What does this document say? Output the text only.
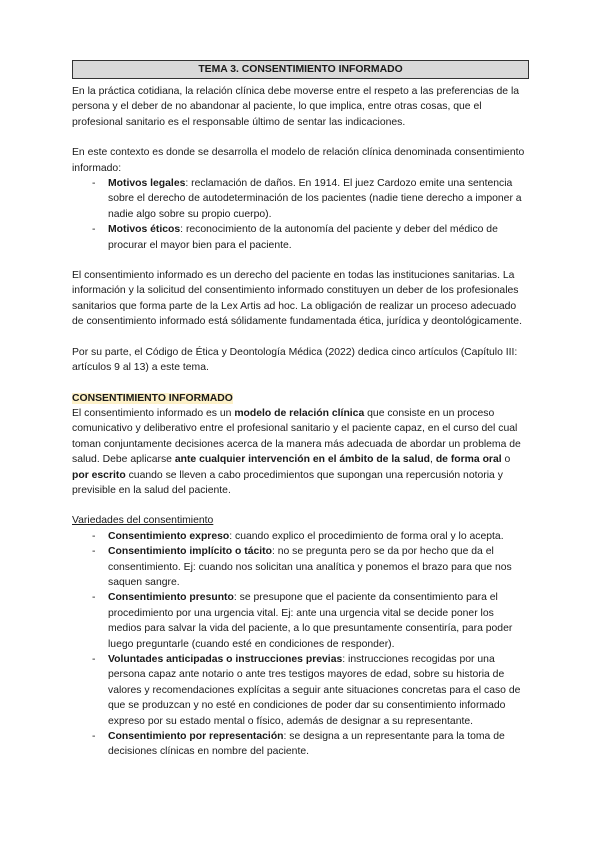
TEMA 3. CONSENTIMIENTO INFORMADO

En la práctica cotidiana, la relación clínica debe moverse entre el respeto a las preferencias de la persona y el deber de no abandonar al paciente, lo que implica, entre otras cosas, que el profesional sanitario es el responsable último de sentar las indicaciones.

En este contexto es donde se desarrolla el modelo de relación clínica denominada consentimiento informado:

- Motivos legales: reclamación de daños. En 1914. El juez Cardozo emite una sentencia sobre el derecho de autodeterminación de los pacientes (nadie tiene derecho a imponer a nadie algo sobre su propio cuerpo).
- Motivos éticos: reconocimiento de la autonomía del paciente y deber del médico de procurar el mayor bien para el paciente.

El consentimiento informado es un derecho del paciente en todas las instituciones sanitarias. La información y la solicitud del consentimiento informado constituyen un deber de los profesionales sanitarios que forma parte de la Lex Artis ad hoc. La obligación de realizar un proceso adecuado de consentimiento informado está sólidamente fundamentada ética, jurídica y deontológicamente.

Por su parte, el Código de Ética y Deontología Médica (2022) dedica cinco artículos (Capítulo III: artículos 9 al 13) a este tema.

CONSENTIMIENTO INFORMADO

El consentimiento informado es un modelo de relación clínica que consiste en un proceso comunicativo y deliberativo entre el profesional sanitario y el paciente capaz, en el curso del cual toman conjuntamente decisiones acerca de la manera más adecuada de abordar un problema de salud. Debe aplicarse ante cualquier intervención en el ámbito de la salud, de forma oral o por escrito cuando se lleven a cabo procedimientos que supongan una repercusión notoria y previsible en la salud del paciente.

Variedades del consentimiento

- Consentimiento expreso: cuando explico el procedimiento de forma oral y lo acepta.
- Consentimiento implícito o tácito: no se pregunta pero se da por hecho que da el consentimiento. Ej: cuando nos solicitan una analítica y ponemos el brazo para que nos saquen sangre.
- Consentimiento presunto: se presupone que el paciente da consentimiento para el procedimiento por una urgencia vital. Ej: ante una urgencia vital se decide poner los medios para salvar la vida del paciente, a lo que presuntamente consentiría, para poder luego preguntarle (cuando esté en condiciones de responder).
- Voluntades anticipadas o instrucciones previas: instrucciones recogidas por una persona capaz ante notario o ante tres testigos mayores de edad, sobre su historia de valores y recomendaciones explícitas a seguir ante situaciones concretas para el caso de que se produzcan y no esté en condiciones de poder dar su consentimiento informado expreso por su estado mental o físico, además de designar a su representante.
- Consentimiento por representación: se designa a un representante para la toma de decisiones clínicas en nombre del paciente.
